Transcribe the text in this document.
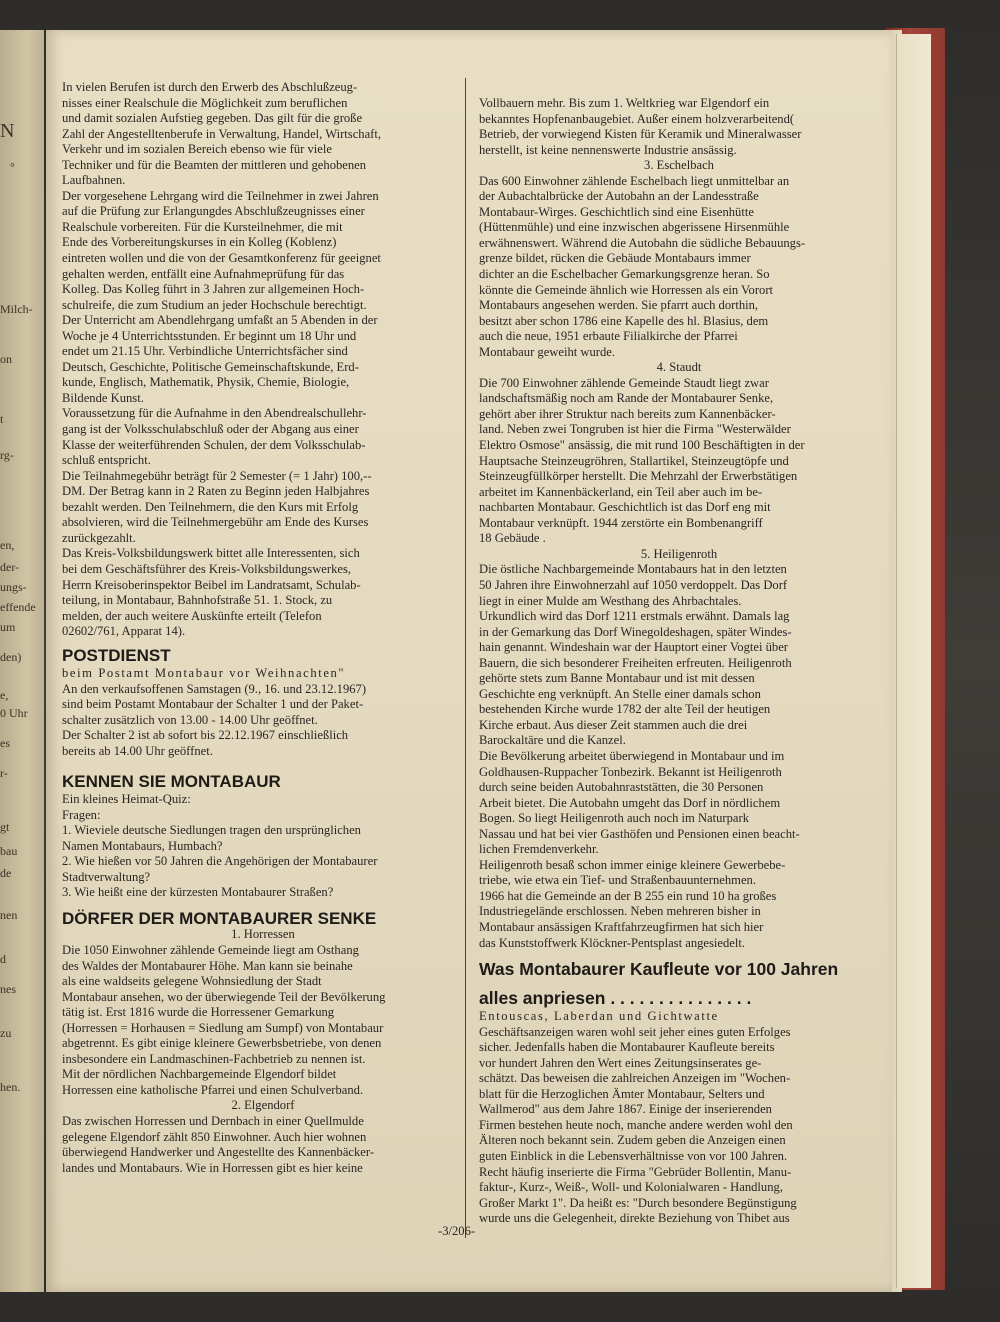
N
°
Milch-
on
t
rg-
en,
der-
ungs-
effende
um
den)
e,
0 Uhr
es
r-
gt
bau
de
nen
d
nes
zu
hen.

In vielen Berufen ist durch den Erwerb des Abschlußzeug-

nisses einer Realschule die Möglichkeit zum beruflichen

und damit sozialen Aufstieg gegeben. Das gilt für die große

Zahl der Angestelltenberufe in Verwaltung, Handel, Wirtschaft,

Verkehr und im sozialen Bereich ebenso wie für viele

Techniker und für die Beamten der mittleren und gehobenen

Laufbahnen.

Der vorgesehene Lehrgang wird die Teilnehmer in zwei Jahren

auf die Prüfung zur Erlangungdes Abschlußzeugnisses einer

Realschule vorbereiten. Für die Kursteilnehmer, die mit

Ende des Vorbereitungskurses in ein Kolleg (Koblenz)

eintreten wollen und die von der Gesamtkonferenz für geeignet

gehalten werden, entfällt eine Aufnahmeprüfung für das

Kolleg. Das Kolleg führt in 3 Jahren zur allgemeinen Hoch-

schulreife, die zum Studium an jeder Hochschule berechtigt.

Der Unterricht am Abendlehrgang umfaßt an 5 Abenden in der

Woche je 4 Unterrichtsstunden. Er beginnt um 18 Uhr und

endet um 21.15 Uhr. Verbindliche Unterrichtsfächer sind

Deutsch, Geschichte, Politische Gemeinschaftskunde, Erd-

kunde, Englisch, Mathematik, Physik, Chemie, Biologie,

Bildende Kunst.

Voraussetzung für die Aufnahme in den Abendrealschullehr-

gang ist der Volksschulabschluß oder der Abgang aus einer

Klasse der weiterführenden Schulen, der dem Volksschulab-

schluß entspricht.

Die Teilnahmegebühr beträgt für 2 Semester (= 1 Jahr) 100,--

DM. Der Betrag kann in 2 Raten zu Beginn jeden Halbjahres

bezahlt werden. Den Teilnehmern, die den Kurs mit Erfolg

absolvieren, wird die Teilnehmergebühr am Ende des Kurses

zurückgezahlt.

Das Kreis-Volksbildungswerk bittet alle Interessenten, sich

bei dem Geschäftsführer des Kreis-Volksbildungswerkes,

Herrn Kreisoberinspektor Beibel im Landratsamt, Schulab-

teilung, in Montabaur, Bahnhofstraße 51. 1. Stock, zu

melden, der auch weitere Auskünfte erteilt (Telefon

02602/761, Apparat 14).

POSTDIENST

beim Postamt Montabaur vor Weihnachten"

An den verkaufsoffenen Samstagen (9., 16. und 23.12.1967)

sind beim Postamt Montabaur der Schalter 1 und der Paket-

schalter zusätzlich von 13.00 - 14.00 Uhr geöffnet.

Der Schalter 2 ist ab sofort bis 22.12.1967 einschließlich

bereits ab 14.00 Uhr geöffnet.

KENNEN SIE MONTABAUR

Ein kleines Heimat-Quiz:

Fragen:

1. Wieviele deutsche Siedlungen tragen den ursprünglichen

Namen Montabaurs, Humbach?

2. Wie hießen vor 50 Jahren die Angehörigen der Montabaurer

Stadtverwaltung?

3. Wie heißt eine der kürzesten Montabaurer Straßen?

DÖRFER DER MONTABAURER SENKE

1. Horressen

Die 1050 Einwohner zählende Gemeinde liegt am Osthang

des Waldes der Montabaurer Höhe. Man kann sie beinahe

als eine waldseits gelegene Wohnsiedlung der Stadt

Montabaur ansehen, wo der überwiegende Teil der Bevölkerung

tätig ist. Erst 1816 wurde die Horressener Gemarkung

(Horressen = Horhausen = Siedlung am Sumpf) von Montabaur

abgetrennt. Es gibt einige kleinere Gewerbsbetriebe, von denen

insbesondere ein Landmaschinen-Fachbetrieb zu nennen ist.

Mit der nördlichen Nachbargemeinde Elgendorf bildet

Horressen eine katholische Pfarrei und einen Schulverband.

2. Elgendorf

Das zwischen Horressen und Dernbach in einer Quellmulde

gelegene Elgendorf zählt 850 Einwohner. Auch hier wohnen

überwiegend Handwerker und Angestellte des Kannenbäcker-

landes und Montabaurs. Wie in Horressen gibt es hier keine

Vollbauern mehr. Bis zum 1. Weltkrieg war Elgendorf ein

bekanntes Hopfenanbaugebiet. Außer einem holzverarbeitend(

Betrieb, der vorwiegend Kisten für Keramik und Mineralwasser

herstellt, ist keine nennenswerte Industrie ansässig.

3. Eschelbach

Das 600 Einwohner zählende Eschelbach liegt unmittelbar an

der Aubachtalbrücke der Autobahn an der Landesstraße

Montabaur-Wirges. Geschichtlich sind eine Eisenhütte

(Hüttenmühle) und eine inzwischen abgerissene Hirsenmühle

erwähnenswert. Während die Autobahn die südliche Bebauungs-

grenze bildet, rücken die Gebäude Montabaurs immer

dichter an die Eschelbacher Gemarkungsgrenze heran. So

könnte die Gemeinde ähnlich wie Horressen als ein Vorort

Montabaurs angesehen werden. Sie pfarrt auch dorthin,

besitzt aber schon 1786 eine Kapelle des hl. Blasius, dem

auch die neue, 1951 erbaute Filialkirche der Pfarrei

Montabaur geweiht wurde.

4. Staudt

Die 700 Einwohner zählende Gemeinde Staudt liegt zwar

landschaftsmäßig noch am Rande der Montabaurer Senke,

gehört aber ihrer Struktur nach bereits zum Kannenbäcker-

land. Neben zwei Tongruben ist hier die Firma "Westerwälder

Elektro Osmose" ansässig, die mit rund 100 Beschäftigten in der

Hauptsache Steinzeugröhren, Stallartikel, Steinzeugtöpfe und

Steinzeugfüllkörper herstellt. Die Mehrzahl der Erwerbstätigen

arbeitet im Kannenbäckerland, ein Teil aber auch im be-

nachbarten Montabaur. Geschichtlich ist das Dorf eng mit

Montabaur verknüpft. 1944 zerstörte ein Bombenangriff

18 Gebäude .

5. Heiligenroth

Die östliche Nachbargemeinde Montabaurs hat in den letzten

50 Jahren ihre Einwohnerzahl auf 1050 verdoppelt. Das Dorf

liegt in einer Mulde am Westhang des Ahrbachtales.

Urkundlich wird das Dorf 1211 erstmals erwähnt. Damals lag

in der Gemarkung das Dorf Winegoldeshagen, später Windes-

hain genannt. Windeshain war der Hauptort einer Vogtei über

Bauern, die sich besonderer Freiheiten erfreuten. Heiligenroth

gehörte stets zum Banne Montabaur und ist mit dessen

Geschichte eng verknüpft. An Stelle einer damals schon

bestehenden Kirche wurde 1782 der alte Teil der heutigen

Kirche erbaut. Aus dieser Zeit stammen auch die drei

Barockaltäre und die Kanzel.

Die Bevölkerung arbeitet überwiegend in Montabaur und im

Goldhausen-Ruppacher Tonbezirk. Bekannt ist Heiligenroth

durch seine beiden Autobahnraststätten, die 30 Personen

Arbeit bietet. Die Autobahn umgeht das Dorf in nördlichem

Bogen. So liegt Heiligenroth auch noch im Naturpark

Nassau und hat bei vier Gasthöfen und Pensionen einen beacht-

lichen Fremdenverkehr.

Heiligenroth besaß schon immer einige kleinere Gewerbebe-

triebe, wie etwa ein Tief- und Straßenbauunternehmen.

1966 hat die Gemeinde an der B 255 ein rund 10 ha großes

Industriegelände erschlossen. Neben mehreren bisher in

Montabaur ansässigen Kraftfahrzeugfirmen hat sich hier

das Kunststoffwerk Klöckner-Pentsplast angesiedelt.

Was Montabaurer Kaufleute vor 100 Jahren
alles anpriesen . . . . . . . . . . . . . . .

Entouscas, Laberdan und Gichtwatte

Geschäftsanzeigen waren wohl seit jeher eines guten Erfolges

sicher. Jedenfalls haben die Montabaurer Kaufleute bereits

vor hundert Jahren den Wert eines Zeitungsinserates ge-

schätzt. Das beweisen die zahlreichen Anzeigen im "Wochen-

blatt für die Herzoglichen Ämter Montabaur, Selters und

Wallmerod" aus dem Jahre 1867. Einige der inserierenden

Firmen bestehen heute noch, manche andere werden wohl den

Älteren noch bekannt sein. Zudem geben die Anzeigen einen

guten Einblick in die Lebensverhältnisse von vor 100 Jahren.

Recht häufig inserierte die Firma "Gebrüder Bollentin, Manu-

faktur-, Kurz-, Weiß-, Woll- und Kolonialwaren - Handlung,

Großer Markt 1". Da heißt es: "Durch besondere Begünstigung

wurde uns die Gelegenheit, direkte Beziehung von Thibet aus

-3/206-
